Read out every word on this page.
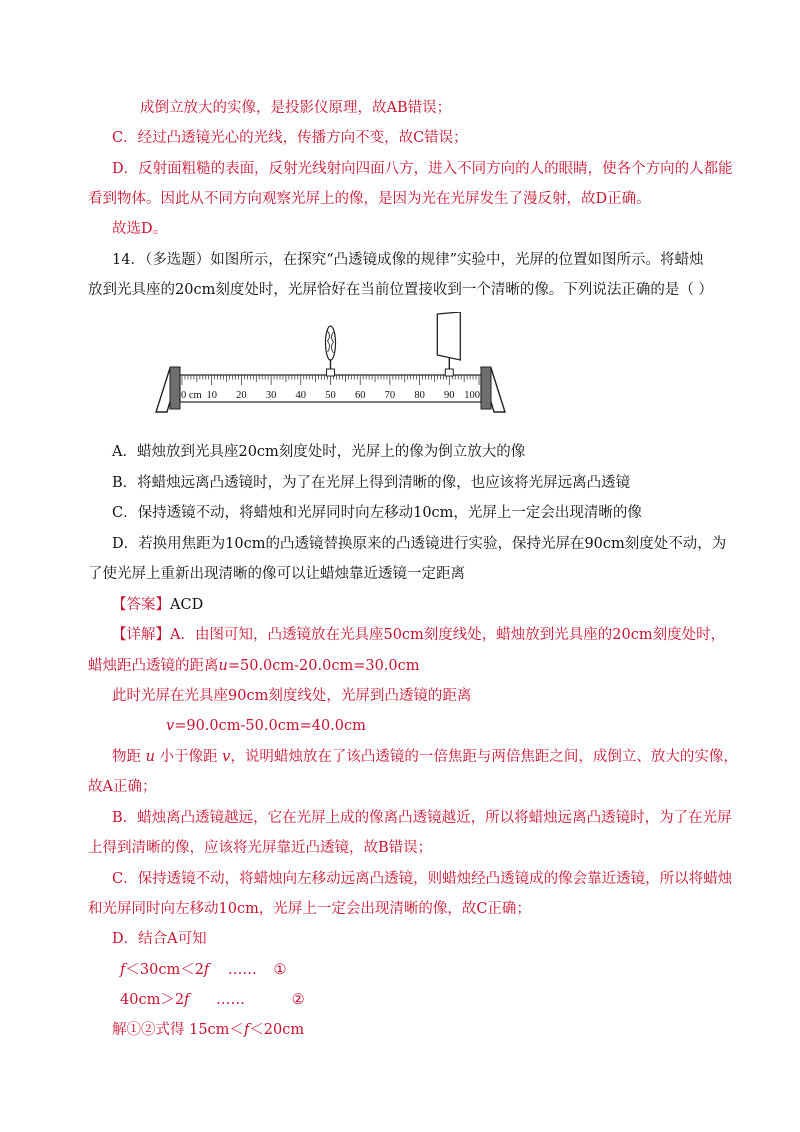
成倒立放大的实像，是投影仪原理，故AB错误；
C．经过凸透镜光心的光线，传播方向不变，故C错误；
D．反射面粗糙的表面，反射光线射向四面八方，进入不同方向的人的眼睛，使各个方向的人都能
看到物体。因此从不同方向观察光屏上的像，是因为光在光屏发生了漫反射，故D正确。
故选D。
14．（多选题）如图所示，在探究“凸透镜成像的规律”实验中，光屏的位置如图所示。将蜡烛
放到光具座的20cm刻度处时，光屏恰好在当前位置接收到一个清晰的像。下列说法正确的是（ ）
0 cm 10 20 30 40 50 60 70 80 90 100
A．蜡烛放到光具座20cm刻度处时，光屏上的像为倒立放大的像
B．将蜡烛远离凸透镜时，为了在光屏上得到清晰的像，也应该将光屏远离凸透镜
C．保持透镜不动，将蜡烛和光屏同时向左移动10cm，光屏上一定会出现清晰的像
D．若换用焦距为10cm的凸透镜替换原来的凸透镜进行实验，保持光屏在90cm刻度处不动，为
了使光屏上重新出现清晰的像可以让蜡烛靠近透镜一定距离
【答案】ACD
【详解】A．由图可知，凸透镜放在光具座50cm刻度线处，蜡烛放到光具座的20cm刻度处时，
蜡烛距凸透镜的距离u=50.0cm-20.0cm=30.0cm
此时光屏在光具座90cm刻度线处，光屏到凸透镜的距离
v=90.0cm-50.0cm=40.0cm
物距 u 小于像距 v，说明蜡烛放在了该凸透镜的一倍焦距与两倍焦距之间，成倒立、放大的实像，
故A正确；
B．蜡烛离凸透镜越远，它在光屏上成的像离凸透镜越近，所以将蜡烛远离凸透镜时，为了在光屏
上得到清晰的像，应该将光屏靠近凸透镜，故B错误；
C．保持透镜不动，将蜡烛向左移动远离凸透镜，则蜡烛经凸透镜成的像会靠近透镜，所以将蜡烛
和光屏同时向左移动10cm，光屏上一定会出现清晰的像，故C正确；
D．结合A可知
f＜30cm＜2f …… ①
40cm＞2f ……	②
解①②式得 15cm＜f＜20cm
